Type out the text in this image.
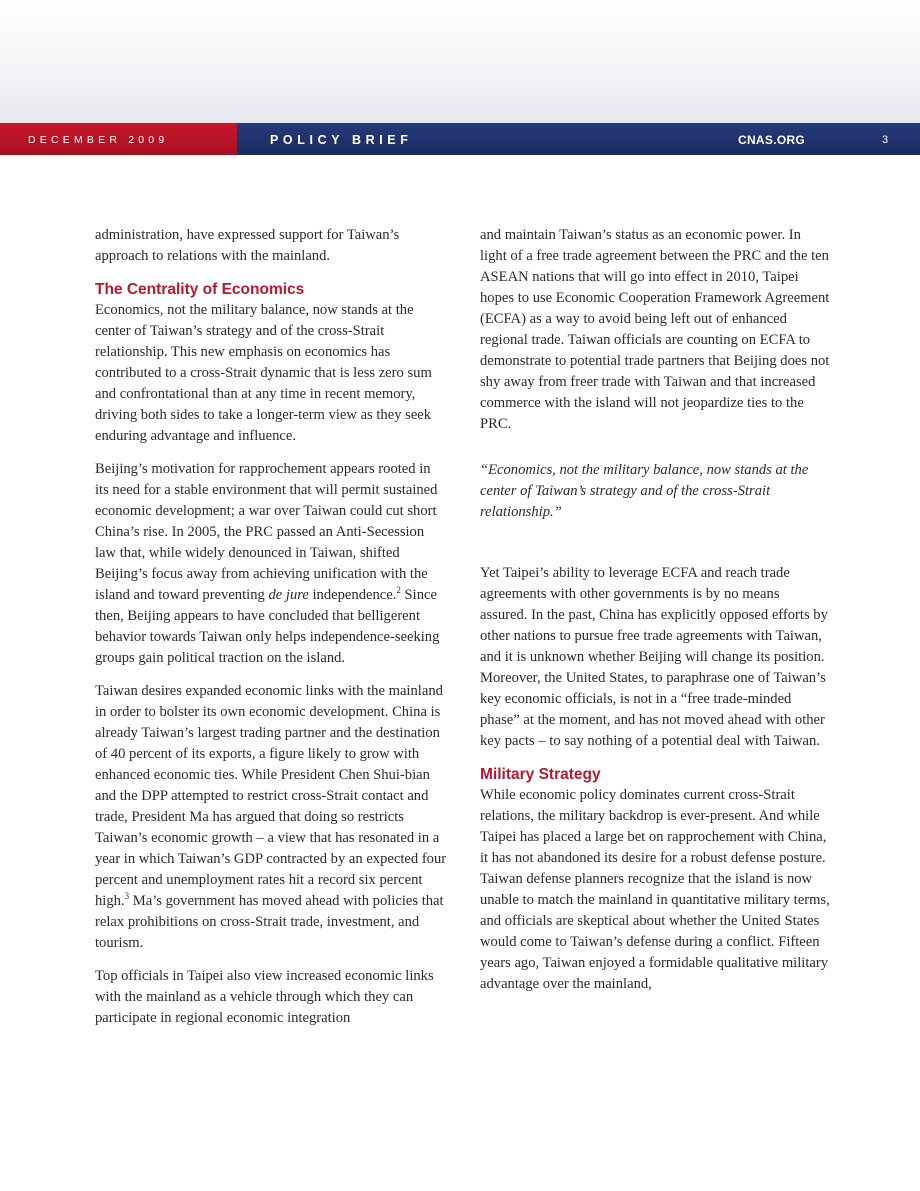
DECEMBER 2009	POLICY BRIEF	CNAS.ORG	3

administration, have expressed support for Taiwan’s approach to relations with the mainland.

The Centrality of Economics

Economics, not the military balance, now stands at the center of Taiwan’s strategy and of the cross-Strait relationship. This new emphasis on economics has contributed to a cross-Strait dynamic that is less zero sum and confrontational than at any time in recent memory, driving both sides to take a longer-term view as they seek enduring advantage and influence.

Beijing’s motivation for rapprochement appears rooted in its need for a stable environment that will permit sustained economic development; a war over Taiwan could cut short China’s rise. In 2005, the PRC passed an Anti-Secession law that, while widely denounced in Taiwan, shifted Beijing’s focus away from achieving unification with the island and toward preventing de jure independence.$^2$ Since then, Beijing appears to have concluded that belligerent behavior towards Taiwan only helps independence-seeking groups gain political traction on the island.

Taiwan desires expanded economic links with the mainland in order to bolster its own economic development. China is already Taiwan’s largest trading partner and the destination of 40 percent of its exports, a figure likely to grow with enhanced economic ties. While President Chen Shui-bian and the DPP attempted to restrict cross-Strait contact and trade, President Ma has argued that doing so restricts Taiwan’s economic growth – a view that has resonated in a year in which Taiwan’s GDP contracted by an expected four percent and unemployment rates hit a record six percent high.$^3$ Ma’s government has moved ahead with policies that relax prohibitions on cross-Strait trade, investment, and tourism.

Top officials in Taipei also view increased economic links with the mainland as a vehicle through which they can participate in regional economic integration

and maintain Taiwan’s status as an economic power. In light of a free trade agreement between the PRC and the ten ASEAN nations that will go into effect in 2010, Taipei hopes to use Economic Cooperation Framework Agreement (ECFA) as a way to avoid being left out of enhanced regional trade. Taiwan officials are counting on ECFA to demonstrate to potential trade partners that Beijing does not shy away from freer trade with Taiwan and that increased commerce with the island will not jeopardize ties to the PRC.

“Economics, not the military balance, now stands at the center of Taiwan’s strategy and of the cross-Strait relationship.”

Yet Taipei’s ability to leverage ECFA and reach trade agreements with other governments is by no means assured. In the past, China has explicitly opposed efforts by other nations to pursue free trade agreements with Taiwan, and it is unknown whether Beijing will change its position. Moreover, the United States, to paraphrase one of Taiwan’s key economic officials, is not in a “free trade-minded phase” at the moment, and has not moved ahead with other key pacts – to say nothing of a potential deal with Taiwan.

Military Strategy

While economic policy dominates current cross-Strait relations, the military backdrop is ever-present. And while Taipei has placed a large bet on rapprochement with China, it has not abandoned its desire for a robust defense posture. Taiwan defense planners recognize that the island is now unable to match the mainland in quantitative military terms, and officials are skeptical about whether the United States would come to Taiwan’s defense during a conflict. Fifteen years ago, Taiwan enjoyed a formidable qualitative military advantage over the mainland,
